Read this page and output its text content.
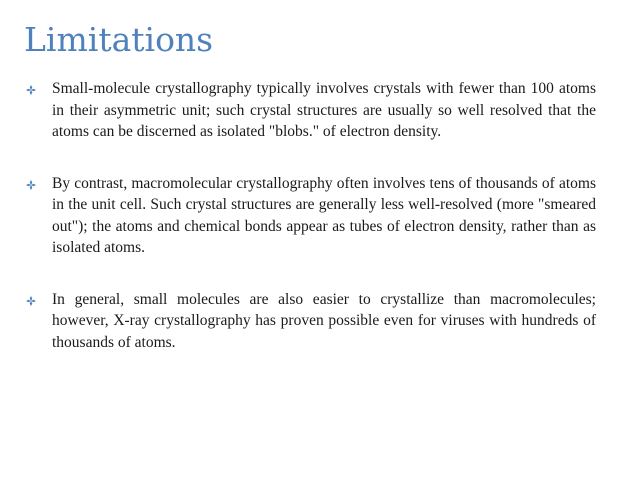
Limitations
Small-molecule crystallography typically involves crystals with fewer than 100 atoms in their asymmetric unit; such crystal structures are usually so well resolved that the atoms can be discerned as isolated "blobs." of electron density.
By contrast, macromolecular crystallography often involves tens of thousands of atoms in the unit cell. Such crystal structures are generally less well-resolved (more "smeared out"); the atoms and chemical bonds appear as tubes of electron density, rather than as isolated atoms.
In general, small molecules are also easier to crystallize than macromolecules; however, X-ray crystallography has proven possible even for viruses with hundreds of thousands of atoms.
